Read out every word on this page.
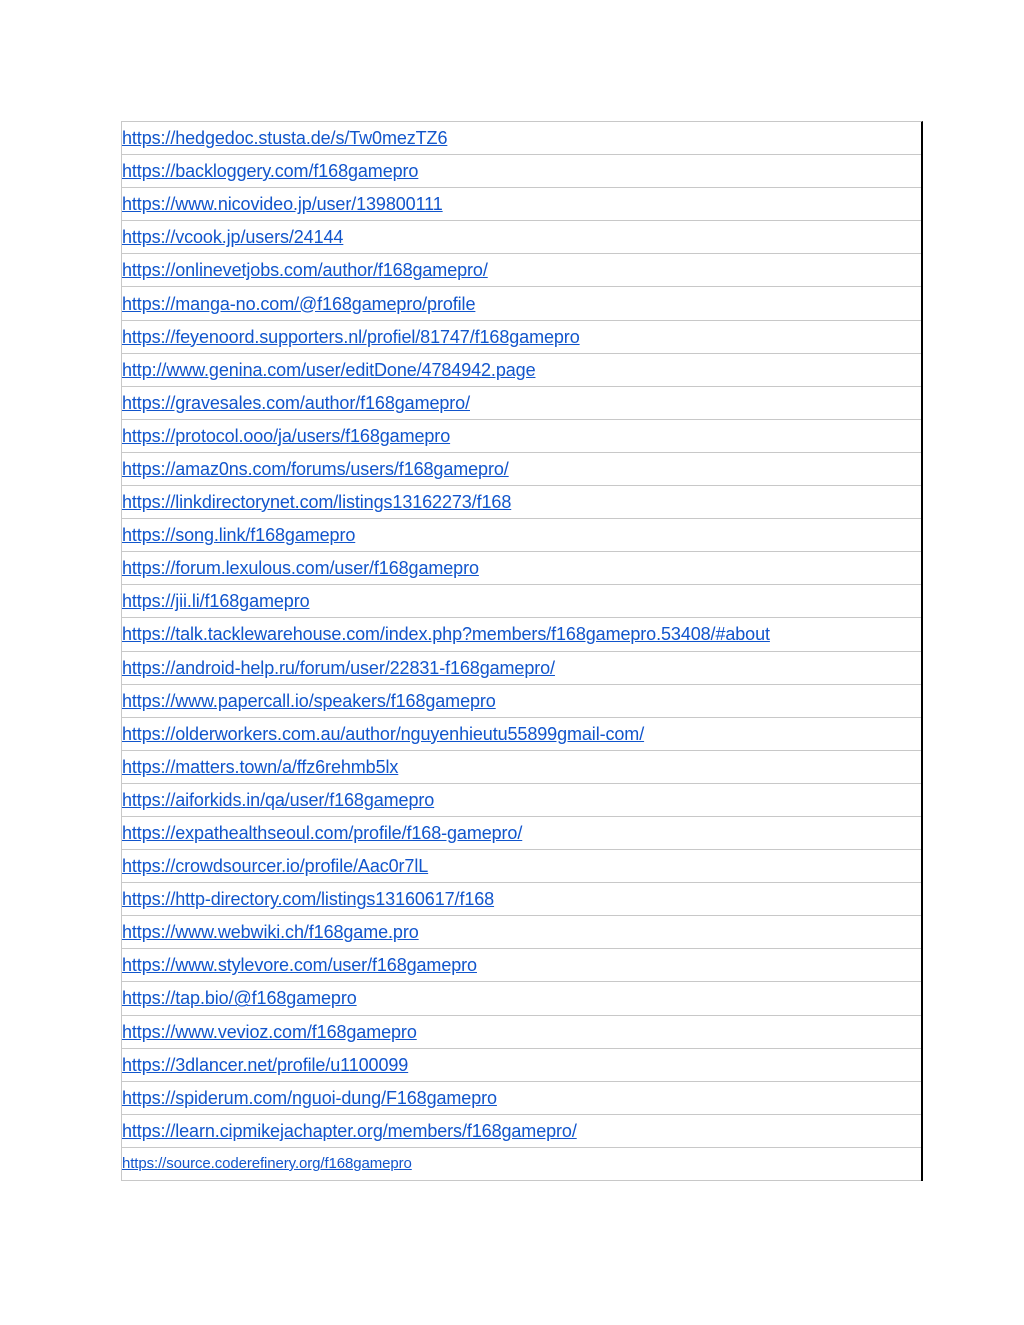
https://hedgedoc.stusta.de/s/Tw0mezTZ6
https://backloggery.com/f168gamepro
https://www.nicovideo.jp/user/139800111
https://vcook.jp/users/24144
https://onlinevetjobs.com/author/f168gamepro/
https://manga-no.com/@f168gamepro/profile
https://feyenoord.supporters.nl/profiel/81747/f168gamepro
http://www.genina.com/user/editDone/4784942.page
https://gravesales.com/author/f168gamepro/
https://protocol.ooo/ja/users/f168gamepro
https://amaz0ns.com/forums/users/f168gamepro/
https://linkdirectorynet.com/listings13162273/f168
https://song.link/f168gamepro
https://forum.lexulous.com/user/f168gamepro
https://jii.li/f168gamepro
https://talk.tacklewarehouse.com/index.php?members/f168gamepro.53408/#about
https://android-help.ru/forum/user/22831-f168gamepro/
https://www.papercall.io/speakers/f168gamepro
https://olderworkers.com.au/author/nguyenhieutu55899gmail-com/
https://matters.town/a/ffz6rehmb5lx
https://aiforkids.in/qa/user/f168gamepro
https://expathealthseoul.com/profile/f168-gamepro/
https://crowdsourcer.io/profile/Aac0r7lL
https://http-directory.com/listings13160617/f168
https://www.webwiki.ch/f168game.pro
https://www.stylevore.com/user/f168gamepro
https://tap.bio/@f168gamepro
https://www.vevioz.com/f168gamepro
https://3dlancer.net/profile/u1100099
https://spiderum.com/nguoi-dung/F168gamepro
https://learn.cipmikejachapter.org/members/f168gamepro/
https://source.coderefinery.org/f168gamepro
